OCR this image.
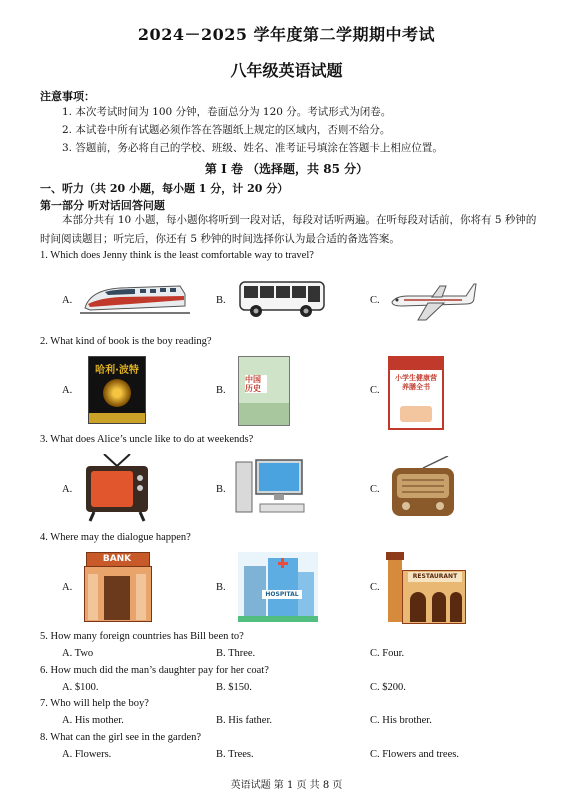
2024－2025 学年度第二学期期中考试
八年级英语试题
注意事项：
1. 本次考试时间为 100 分钟，卷面总分为 120 分。考试形式为闭卷。
2. 本试卷中所有试题必须作答在答题纸上规定的区域内，否则不给分。
3. 答题前，务必将自己的学校、班级、姓名、准考证号填涂在答题卡上相应位置。
第 I 卷 （选择题，共 85 分）
一、听力（共 20 小题，每小题 1 分，计 20 分）
第一部分 听对话回答问题
本部分共有 10 小题，每小题你将听到一段对话，每段对话听两遍。在听每段对话前，你将有 5 秒钟的时间阅读题目；听完后，你还有 5 秒钟的时间选择你认为最合适的备选答案。
1. Which does Jenny think is the least comfortable way to travel?
A.	B.	C.
2. What kind of book is the boy reading?
A.
哈利·波特
B.
中国历史	C.
小学生健康营养膳全书
3. What does Alice’s uncle like to do at weekends?
A.	B.	C.
4. Where may the dialogue happen?
A.
BANK
B.
HOSPITAL
C.
RESTAURANT
5. How many foreign countries has Bill been to?
A. Two	B. Three.	C. Four.
6. How much did the man’s daughter pay for her coat?
A. $100.	B. $150.	C. $200.
7. Who will help the boy?
A. His mother.	B. His father.	C. His brother.
8. What can the girl see in the garden?
A. Flowers.	B. Trees.	C. Flowers and trees.
英语试题 第 1 页 共 8 页
